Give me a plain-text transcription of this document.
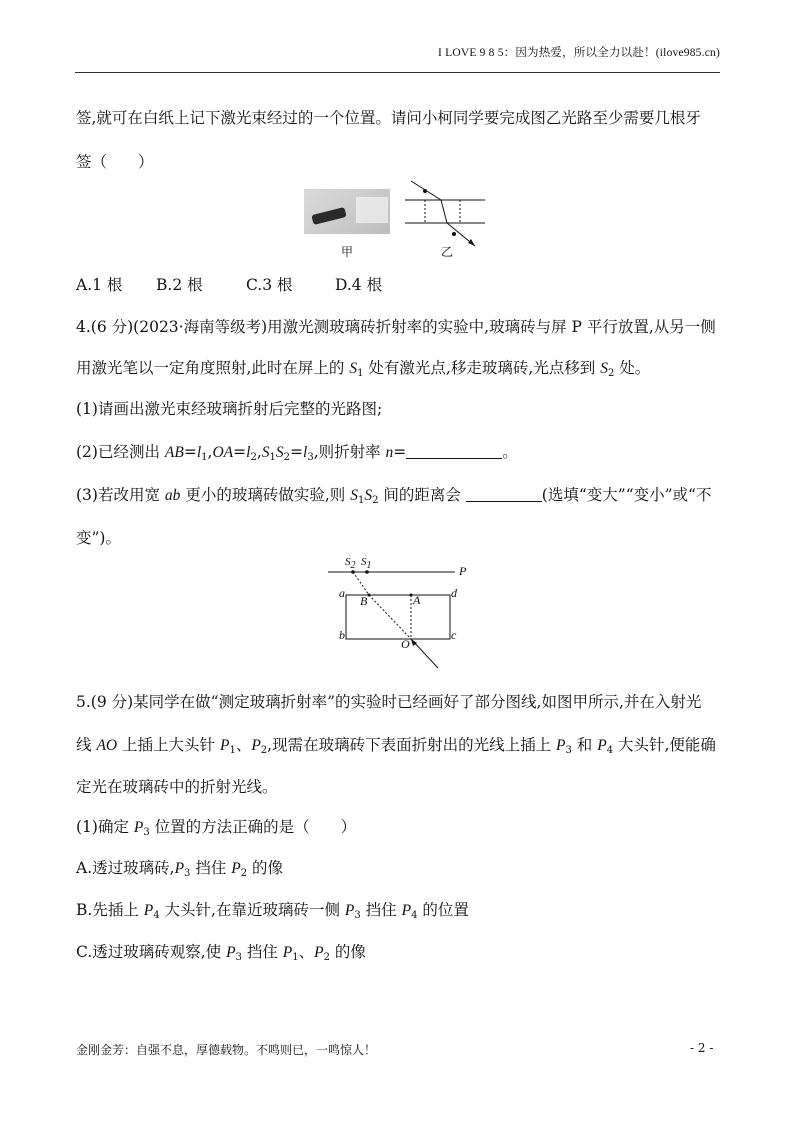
I LOVE 9 8 5：因为热爱，所以全力以赴！(ilove985.cn)
签,就可在白纸上记下激光束经过的一个位置。请问小柯同学要完成图乙光路至少需要几根牙
签（　　）
甲	乙
A.1 根 B.2 根	C.3 根	D.4 根
4.(6 分)(2023·海南等级考)用激光测玻璃砖折射率的实验中,玻璃砖与屏 P 平行放置,从另一侧
用激光笔以一定角度照射,此时在屏上的 $S_1$ 处有激光点,移走玻璃砖,光点移到 $S_2$ 处。
(1)请画出激光束经玻璃折射后完整的光路图;
(2)已经测出 $AB=l_1,OA=l_2,S_1S_2=l_3$,则折射率 n=	。
(3)若改用宽 ab 更小的玻璃砖做实验,则 $S_1S_2$ 间的距离会	(选填“变大”“变小”或“不
变”)。
$S_2$ $S_1$	P
a	d
b	c
B	A
O
5.(9 分)某同学在做“测定玻璃折射率”的实验时已经画好了部分图线,如图甲所示,并在入射光
线 AO 上插上大头针 $P_1$、$P_2$,现需在玻璃砖下表面折射出的光线上插上 $P_3$ 和 $P_4$ 大头针,便能确
定光在玻璃砖中的折射光线。
(1)确定 $P_3$ 位置的方法正确的是（　　）
A.透过玻璃砖$,P_3$ 挡住 $P_2$ 的像
B.先插上 $P_4$ 大头针,在靠近玻璃砖一侧 $P_3$ 挡住 $P_4$ 的位置
C.透过玻璃砖观察,使 $P_3$ 挡住 $P_1$、$P_2$ 的像
金刚金芳：自强不息，厚德载物。不鸣则已，一鸣惊人！	- 2 -
